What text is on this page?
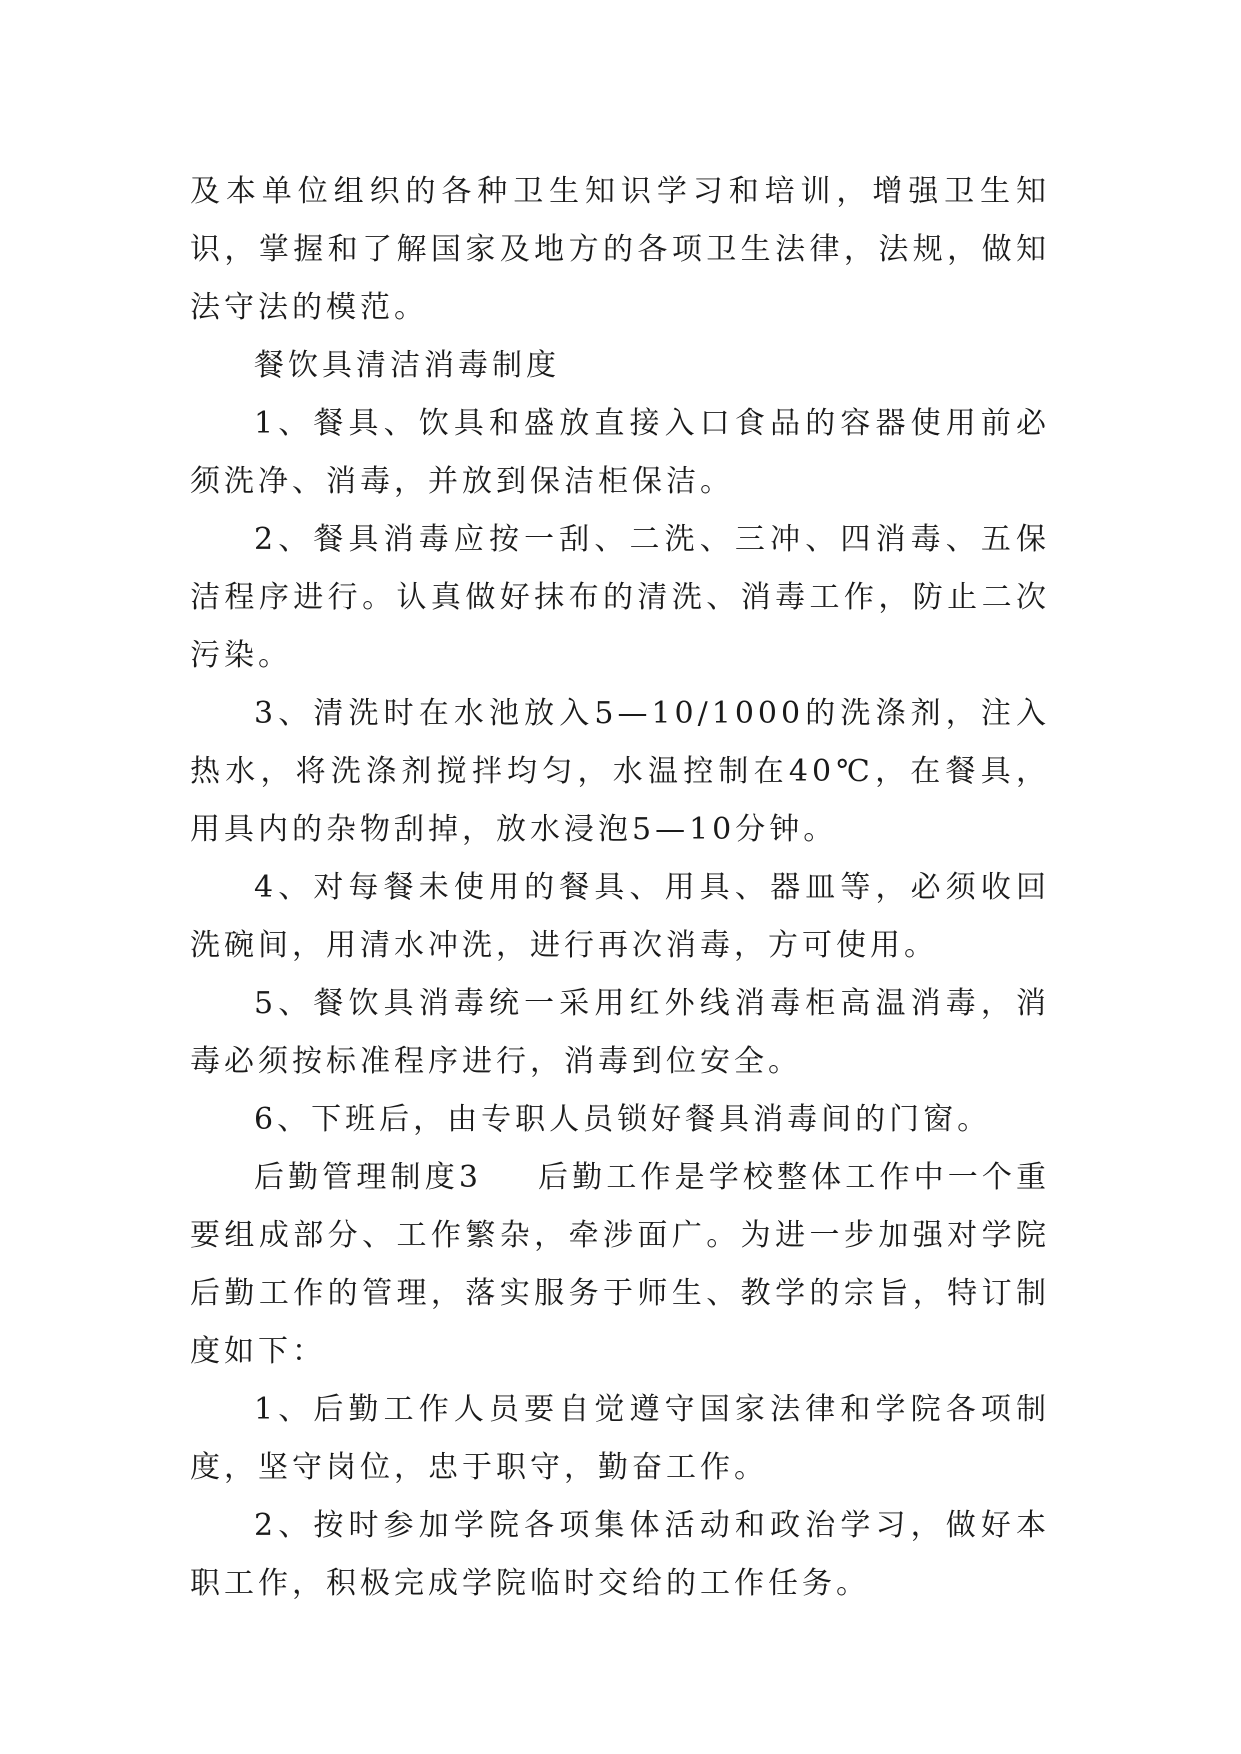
及本单位组织的各种卫生知识学习和培训，增强卫生知识，掌握和了解国家及地方的各项卫生法律，法规，做知法守法的模范。

餐饮具清洁消毒制度

1、餐具、饮具和盛放直接入口食品的容器使用前必须洗净、消毒，并放到保洁柜保洁。

2、餐具消毒应按一刮、二洗、三冲、四消毒、五保洁程序进行。认真做好抹布的清洗、消毒工作，防止二次污染。

3、清洗时在水池放入5—10/1000的洗涤剂，注入热水，将洗涤剂搅拌均匀，水温控制在40℃，在餐具，用具内的杂物刮掉，放水浸泡5—10分钟。

4、对每餐未使用的餐具、用具、器皿等，必须收回洗碗间，用清水冲洗，进行再次消毒，方可使用。

5、餐饮具消毒统一采用红外线消毒柜高温消毒，消毒必须按标准程序进行，消毒到位安全。

6、下班后，由专职人员锁好餐具消毒间的门窗。

后勤管理制度3 后勤工作是学校整体工作中一个重要组成部分、工作繁杂，牵涉面广。为进一步加强对学院后勤工作的管理，落实服务于师生、教学的宗旨，特订制度如下：

1、后勤工作人员要自觉遵守国家法律和学院各项制度，坚守岗位，忠于职守，勤奋工作。

2、按时参加学院各项集体活动和政治学习，做好本职工作，积极完成学院临时交给的工作任务。
